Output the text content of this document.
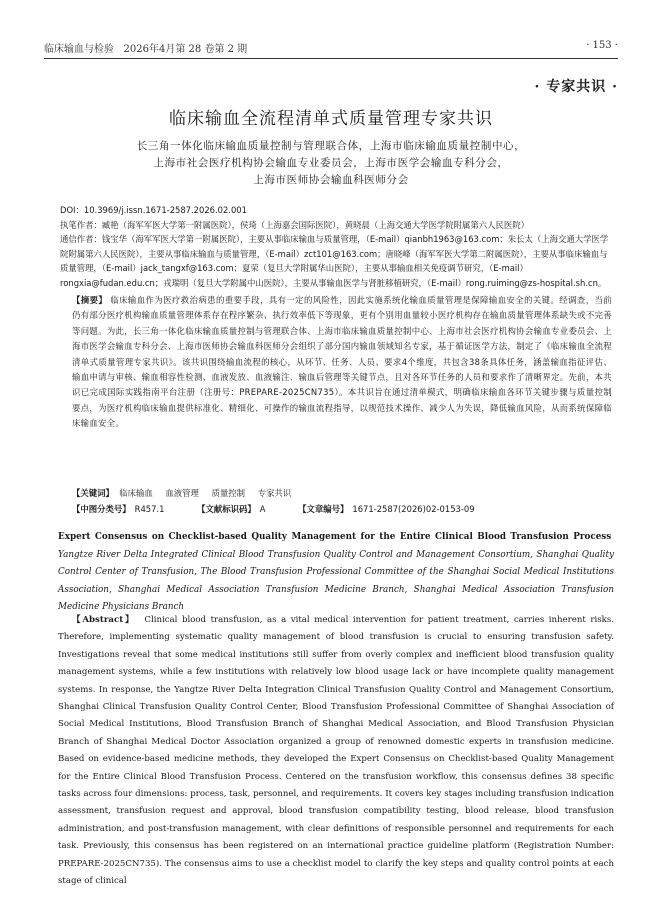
临床输血与检验 2026年4月第 28 卷第 2 期	· 153 ·
· 专家共识 ·
临床输血全流程清单式质量管理专家共识
长三角一体化临床输血质量控制与管理联合体，上海市临床输血质量控制中心，
上海市社会医疗机构协会输血专业委员会，上海市医学会输血专科分会，
上海市医师协会输血科医师分会
DOI：10.3969/j.issn.1671-2587.2026.02.001
执笔作者：臧艳（海军军医大学第一附属医院），侯琦（上海嘉会国际医院），黄晓晨（上海交通大学医学院附属第六人民医院）
通信作者：钱宝华（海军军医大学第一附属医院），主要从事临床输血与质量管理，（E-mail）qianbh1963@163.com；朱长太（上海交通大学医学院附属第六人民医院），主要从事临床输血与质量管理，（E-mail）zct101@163.com；唐晓峰（海军军医大学第二附属医院），主要从事临床输血与质量管理，（E-mail）jack_tangxf@163.com；夏荣（复旦大学附属华山医院），主要从事输血相关免疫调节研究，（E-mail）rongxia@fudan.edu.cn；戎瑞明（复旦大学附属中山医院），主要从事输血医学与肾脏移植研究，（E-mail）rong.ruiming@zs-hospital.sh.cn。
【摘要】 临床输血作为医疗救治病患的重要手段，具有一定的风险性，因此实施系统化输血质量管理是保障输血安全的关键。经调查，当前仍有部分医疗机构输血质量管理体系存在程序繁杂、执行效率低下等现象，更有个别用血量较小医疗机构存在输血质量管理体系缺失或不完善等问题。为此，长三角一体化临床输血质量控制与管理联合体、上海市临床输血质量控制中心、上海市社会医疗机构协会输血专业委员会、上海市医学会输血专科分会、上海市医师协会输血科医师分会组织了部分国内输血领域知名专家，基于循证医学方法，制定了《临床输血全流程清单式质量管理专家共识》。该共识围绕输血流程的核心，从环节、任务、人员、要求4个维度，共包含38条具体任务，涵盖输血指征评估、输血申请与审核、输血相容性检测、血液发放、血液输注、输血后管理等关键节点，且对各环节任务的人员和要求作了清晰界定。先前，本共识已完成国际实践指南平台注册（注册号：PREPARE-2025CN735）。本共识旨在通过清单模式，明确临床输血各环节关键步骤与质量控制要点，为医疗机构临床输血提供标准化、精细化、可操作的输血流程指导，以规范技术操作、减少人为失误，降低输血风险，从而系统保障临床输血安全。
【关键词】 临床输血 血液管理 质量控制 专家共识
【中图分类号】 R457.1	【文献标识码】 A	【文章编号】 1671-2587(2026)02-0153-09
Expert Consensus on Checklist-based Quality Management for the Entire Clinical Blood Transfusion Process  Yangtze River Delta Integrated Clinical Blood Transfusion Quality Control and Management Consortium, Shanghai Quality Control Center of Transfusion, The Blood Transfusion Professional Committee of the Shanghai Social Medical Institutions Association, Shanghai Medical Association Transfusion Medicine Branch, Shanghai Medical Association Transfusion Medicine Physicians Branch
【Abstract】 Clinical blood transfusion, as a vital medical intervention for patient treatment, carries inherent risks. Therefore, implementing systematic quality management of blood transfusion is crucial to ensuring transfusion safety. Investigations reveal that some medical institutions still suffer from overly complex and inefficient blood transfusion quality management systems, while a few institutions with relatively low blood usage lack or have incomplete quality management systems. In response, the Yangtze River Delta Integration Clinical Transfusion Quality Control and Management Consortium, Shanghai Clinical Transfusion Quality Control Center, Blood Transfusion Professional Committee of Shanghai Association of Social Medical Institutions, Blood Transfusion Branch of Shanghai Medical Association, and Blood Transfusion Physician Branch of Shanghai Medical Doctor Association organized a group of renowned domestic experts in transfusion medicine. Based on evidence-based medicine methods, they developed the Expert Consensus on Checklist-based Quality Management for the Entire Clinical Blood Transfusion Process. Centered on the transfusion workflow, this consensus defines 38 specific tasks across four dimensions: process, task, personnel, and requirements. It covers key stages including transfusion indication assessment, transfusion request and approval, blood transfusion compatibility testing, blood release, blood transfusion administration, and post-transfusion management, with clear definitions of responsible personnel and requirements for each task. Previously, this consensus has been registered on an international practice guideline platform (Registration Number: PREPARE-2025CN735). The consensus aims to use a checklist model to clarify the key steps and quality control points at each stage of clinical
